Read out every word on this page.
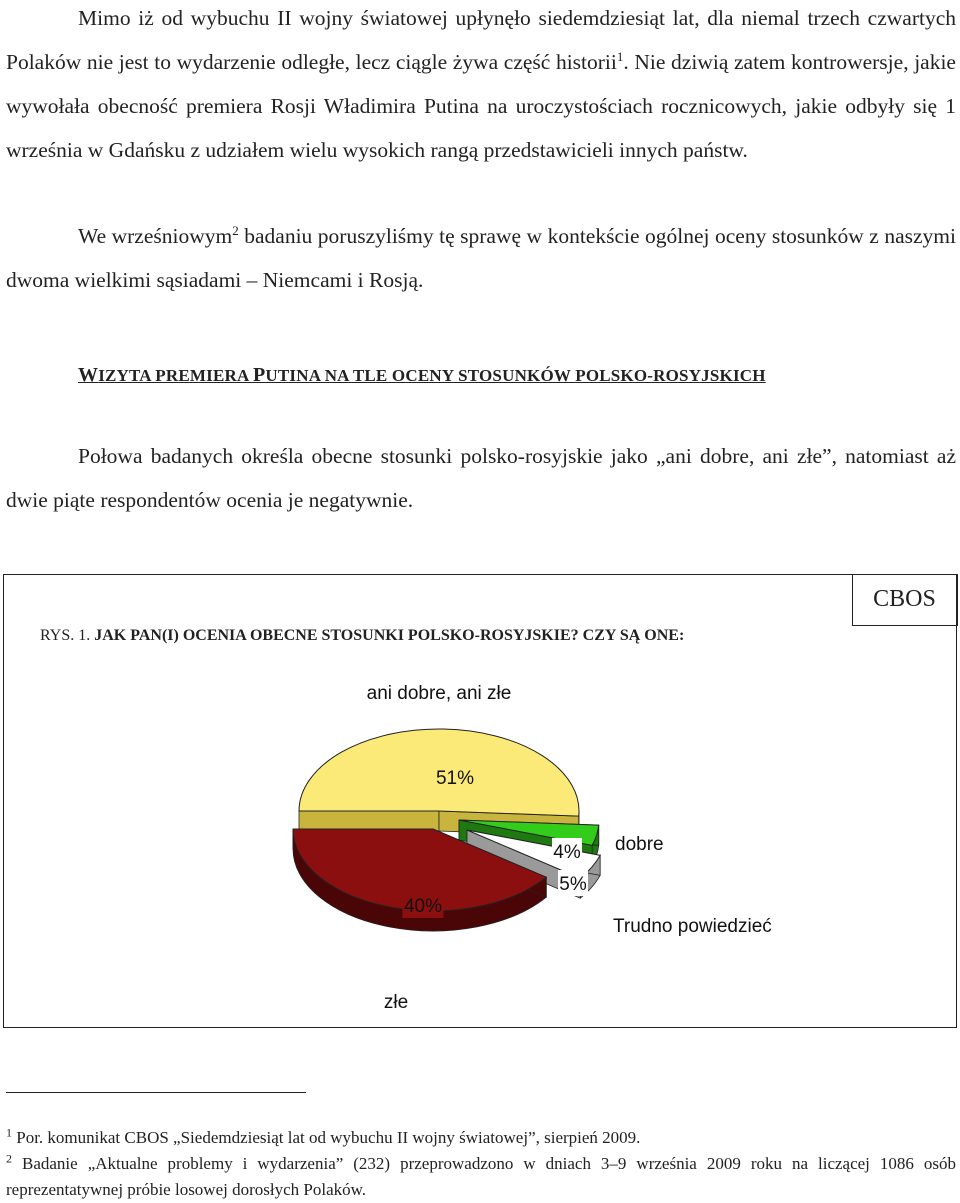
Mimo iż od wybuchu II wojny światowej upłynęło siedemdziesiąt lat, dla niemal trzech czwartych Polaków nie jest to wydarzenie odległe, lecz ciągle żywa część historii$^1$. Nie dziwią zatem kontrowersje, jakie wywołała obecność premiera Rosji Władimira Putina na uroczystościach rocznicowych, jakie odbyły się 1 września w Gdańsku z udziałem wielu wysokich rangą przedstawicieli innych państw.

We wrześniowym$^2$ badaniu poruszyliśmy tę sprawę w kontekście ogólnej oceny stosunków z naszymi dwoma wielkimi sąsiadami – Niemcami i Rosją.

WIZYTA PREMIERA PUTINA NA TLE OCENY STOSUNKÓW POLSKO-ROSYJSKICH

Połowa badanych określa obecne stosunki polsko-rosyjskie jako „ani dobre, ani złe”, natomiast aż dwie piąte respondentów ocenia je negatywnie.

CBOS
RYS. 1. JAK PAN(I) OCENIA OBECNE STOSUNKI POLSKO-ROSYJSKIE? CZY SĄ ONE:
ani dobre, ani złe
dobre
Trudno powiedzieć
złe
51%
4%
5%
40%

$^1$ Por. komunikat CBOS „Siedemdziesiąt lat od wybuchu II wojny światowej”, sierpień 2009.

$^2$ Badanie „Aktualne problemy i wydarzenia” (232) przeprowadzono w dniach 3–9 września 2009 roku na liczącej 1086 osób reprezentatywnej próbie losowej dorosłych Polaków.
